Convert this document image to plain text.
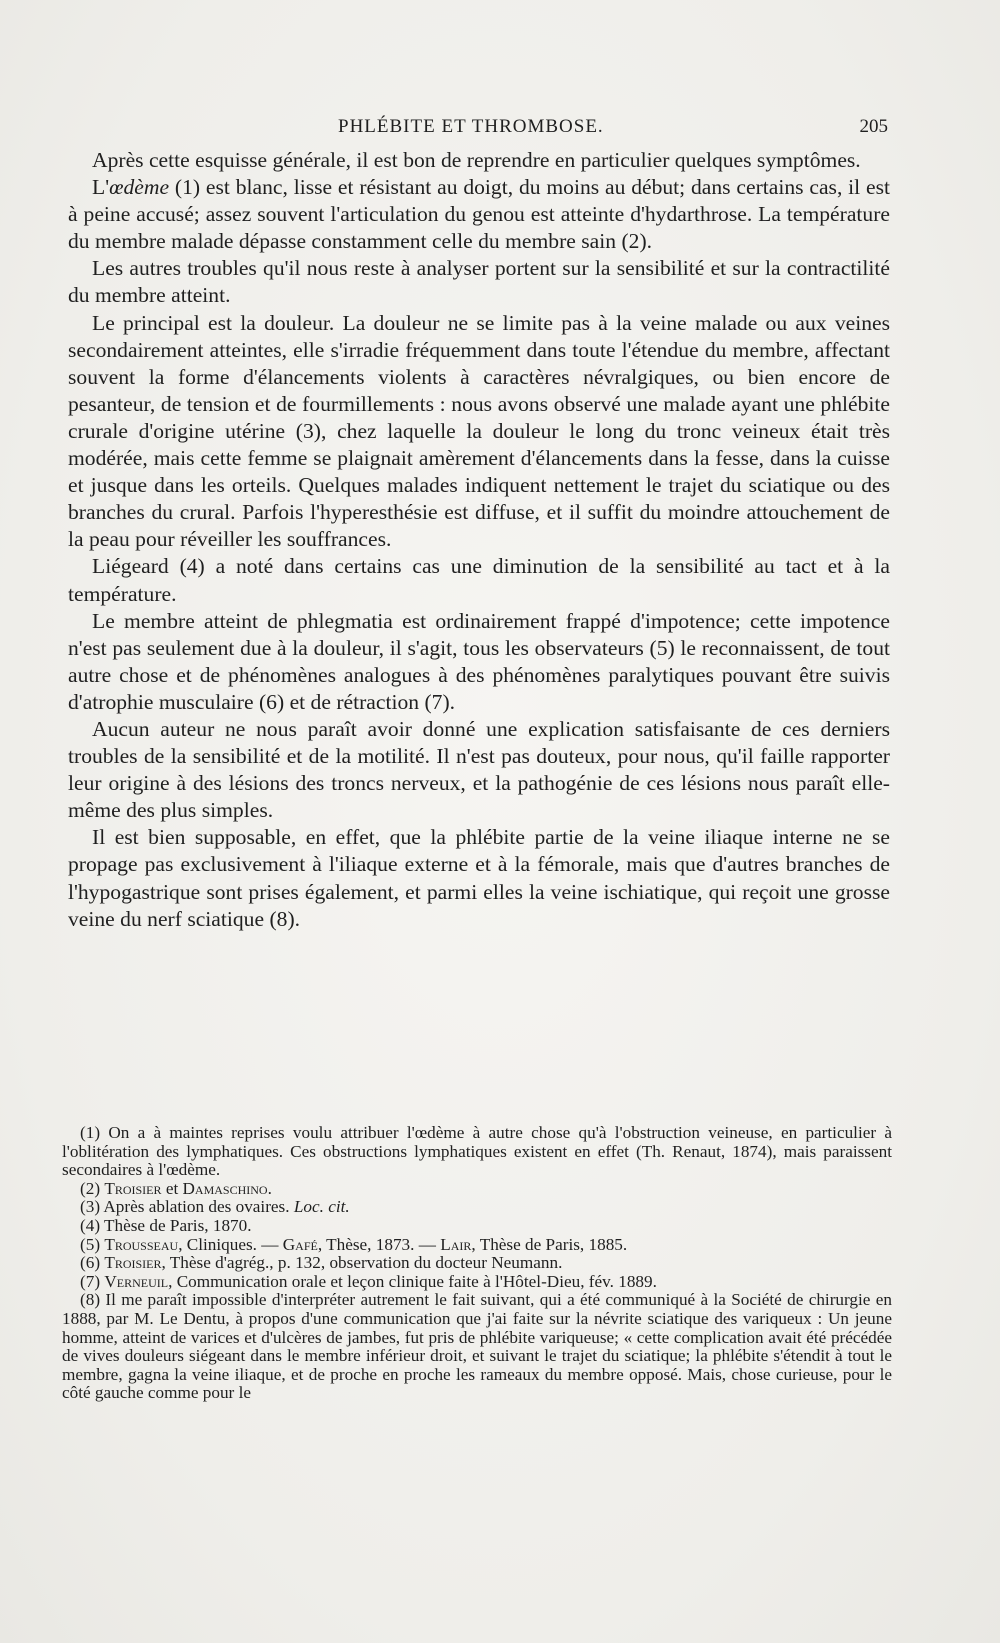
PHLÉBITE ET THROMBOSE.	205

Après cette esquisse générale, il est bon de reprendre en particulier quelques symptômes.

L'œdème (1) est blanc, lisse et résistant au doigt, du moins au début; dans certains cas, il est à peine accusé; assez souvent l'articulation du genou est atteinte d'hydarthrose. La température du membre malade dépasse constamment celle du membre sain (2).

Les autres troubles qu'il nous reste à analyser portent sur la sensibilité et sur la contractilité du membre atteint.

Le principal est la douleur. La douleur ne se limite pas à la veine malade ou aux veines secondairement atteintes, elle s'irradie fréquemment dans toute l'étendue du membre, affectant souvent la forme d'élancements violents à caractères névralgiques, ou bien encore de pesanteur, de tension et de fourmillements : nous avons observé une malade ayant une phlébite crurale d'origine utérine (3), chez laquelle la douleur le long du tronc veineux était très modérée, mais cette femme se plaignait amèrement d'élancements dans la fesse, dans la cuisse et jusque dans les orteils. Quelques malades indiquent nettement le trajet du sciatique ou des branches du crural. Parfois l'hyperesthésie est diffuse, et il suffit du moindre attouchement de la peau pour réveiller les souffrances.

Liégeard (4) a noté dans certains cas une diminution de la sensibilité au tact et à la température.

Le membre atteint de phlegmatia est ordinairement frappé d'impotence; cette impotence n'est pas seulement due à la douleur, il s'agit, tous les observateurs (5) le reconnaissent, de tout autre chose et de phénomènes analogues à des phénomènes paralytiques pouvant être suivis d'atrophie musculaire (6) et de rétraction (7).

Aucun auteur ne nous paraît avoir donné une explication satisfaisante de ces derniers troubles de la sensibilité et de la motilité. Il n'est pas douteux, pour nous, qu'il faille rapporter leur origine à des lésions des troncs nerveux, et la pathogénie de ces lésions nous paraît elle-même des plus simples.

Il est bien supposable, en effet, que la phlébite partie de la veine iliaque interne ne se propage pas exclusivement à l'iliaque externe et à la fémorale, mais que d'autres branches de l'hypogastrique sont prises également, et parmi elles la veine ischiatique, qui reçoit une grosse veine du nerf sciatique (8).

(1) On a à maintes reprises voulu attribuer l'œdème à autre chose qu'à l'obstruction veineuse, en particulier à l'oblitération des lymphatiques. Ces obstructions lymphatiques existent en effet (Th. Renaut, 1874), mais paraissent secondaires à l'œdème.

(2) Troisier et Damaschino.

(3) Après ablation des ovaires. Loc. cit.

(4) Thèse de Paris, 1870.

(5) Trousseau, Cliniques. — Gafé, Thèse, 1873. — Lair, Thèse de Paris, 1885.

(6) Troisier, Thèse d'agrég., p. 132, observation du docteur Neumann.

(7) Verneuil, Communication orale et leçon clinique faite à l'Hôtel-Dieu, fév. 1889.

(8) Il me paraît impossible d'interpréter autrement le fait suivant, qui a été communiqué à la Société de chirurgie en 1888, par M. Le Dentu, à propos d'une communication que j'ai faite sur la névrite sciatique des variqueux : Un jeune homme, atteint de varices et d'ulcères de jambes, fut pris de phlébite variqueuse; « cette complication avait été précédée de vives douleurs siégeant dans le membre inférieur droit, et suivant le trajet du sciatique; la phlébite s'étendit à tout le membre, gagna la veine iliaque, et de proche en proche les rameaux du membre opposé. Mais, chose curieuse, pour le côté gauche comme pour le
